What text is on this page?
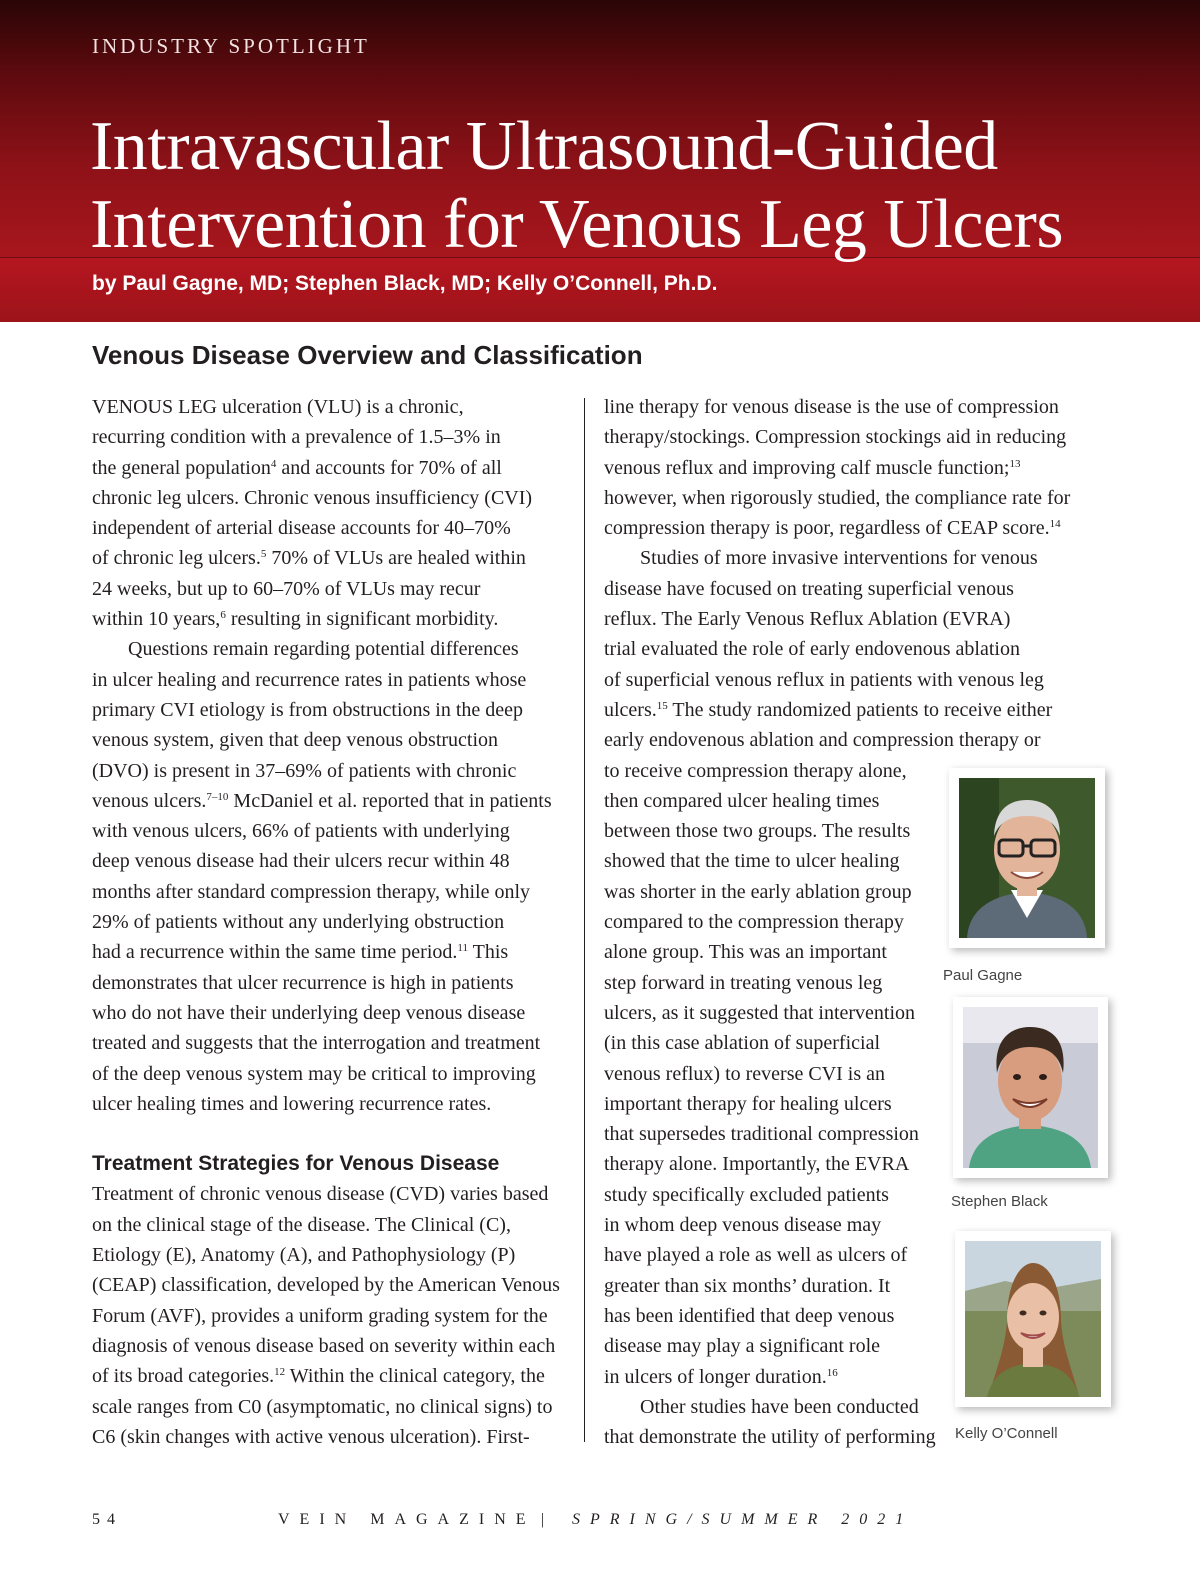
INDUSTRY SPOTLIGHT
Intravascular Ultrasound-Guided
Intervention for Venous Leg Ulcers
by Paul Gagne, MD; Stephen Black, MD; Kelly O’Connell, Ph.D.
Venous Disease Overview and Classification
VENOUS LEG ulceration (VLU) is a chronic,
recurring condition with a prevalence of 1.5–3% in
the general population$^4$ and accounts for 70% of all
chronic leg ulcers. Chronic venous insufficiency (CVI)
independent of arterial disease accounts for 40–70%
of chronic leg ulcers.$^5$ 70% of VLUs are healed within
24 weeks, but up to 60–70% of VLUs may recur
within 10 years,$^6$ resulting in significant morbidity.
Questions remain regarding potential differences
in ulcer healing and recurrence rates in patients whose
primary CVI etiology is from obstructions in the deep
venous system, given that deep venous obstruction
(DVO) is present in 37–69% of patients with chronic
venous ulcers.$^{7-10}$ McDaniel et al. reported that in patients
with venous ulcers, 66% of patients with underlying
deep venous disease had their ulcers recur within 48
months after standard compression therapy, while only
29% of patients without any underlying obstruction
had a recurrence within the same time period.$^{11}$ This
demonstrates that ulcer recurrence is high in patients
who do not have their underlying deep venous disease
treated and suggests that the interrogation and treatment
of the deep venous system may be critical to improving
ulcer healing times and lowering recurrence rates.
Treatment Strategies for Venous Disease
Treatment of chronic venous disease (CVD) varies based
on the clinical stage of the disease. The Clinical (C),
Etiology (E), Anatomy (A), and Pathophysiology (P)
(CEAP) classification, developed by the American Venous
Forum (AVF), provides a uniform grading system for the
diagnosis of venous disease based on severity within each
of its broad categories.$^{12}$ Within the clinical category, the
scale ranges from C0 (asymptomatic, no clinical signs) to
C6 (skin changes with active venous ulceration). First-
line therapy for venous disease is the use of compression
therapy/stockings. Compression stockings aid in reducing
venous reflux and improving calf muscle function;$^{13}$
however, when rigorously studied, the compliance rate for
compression therapy is poor, regardless of CEAP score.$^{14}$
Studies of more invasive interventions for venous
disease have focused on treating superficial venous
reflux. The Early Venous Reflux Ablation (EVRA)
trial evaluated the role of early endovenous ablation
of superficial venous reflux in patients with venous leg
ulcers.$^{15}$ The study randomized patients to receive either
early endovenous ablation and compression therapy or
to receive compression therapy alone,
then compared ulcer healing times
between those two groups. The results
showed that the time to ulcer healing
was shorter in the early ablation group
compared to the compression therapy
alone group. This was an important
step forward in treating venous leg
ulcers, as it suggested that intervention
(in this case ablation of superficial
venous reflux) to reverse CVI is an
important therapy for healing ulcers
that supersedes traditional compression
therapy alone. Importantly, the EVRA
study specifically excluded patients
in whom deep venous disease may
have played a role as well as ulcers of
greater than six months’ duration. It
has been identified that deep venous
disease may play a significant role
in ulcers of longer duration.$^{16}$
Other studies have been conducted
that demonstrate the utility of performing
Paul Gagne
Stephen Black
Kelly O’Connell
54	VEIN MAGAZINE | SPRING/SUMMER 2021
